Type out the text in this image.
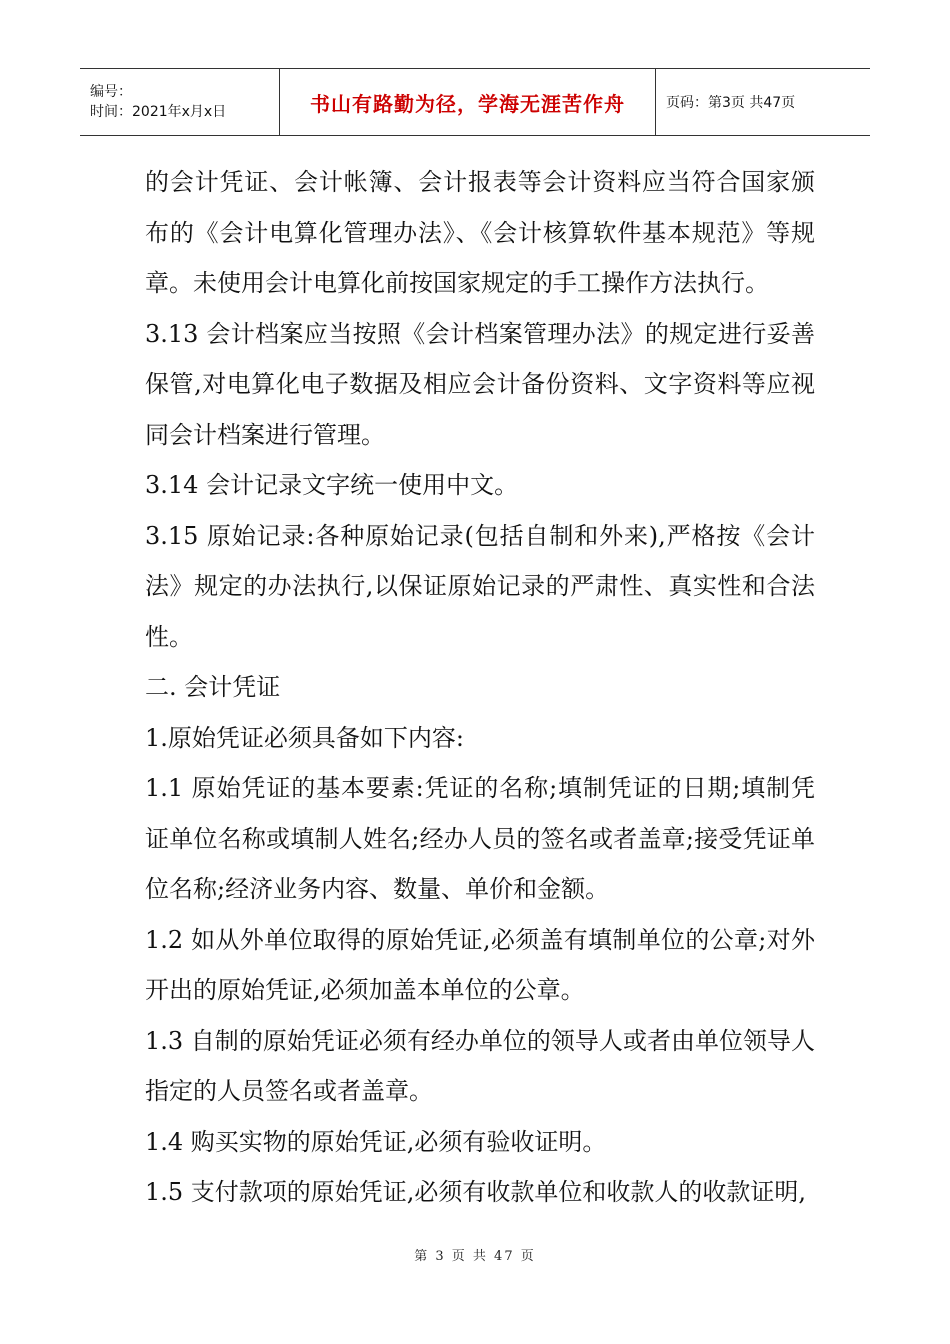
编号：
时间：2021年x月x日	书山有路勤为径，学海无涯苦作舟	页码：第3页 共47页

的会计凭证、会计帐簿、会计报表等会计资料应当符合国家颁布的《会计电算化管理办法》、《会计核算软件基本规范》等规章。未使用会计电算化前按国家规定的手工操作方法执行。

3.13 会计档案应当按照《会计档案管理办法》的规定进行妥善保管,对电算化电子数据及相应会计备份资料、文字资料等应视同会计档案进行管理。

3.14 会计记录文字统一使用中文。

3.15 原始记录:各种原始记录(包括自制和外来),严格按《会计法》规定的办法执行,以保证原始记录的严肃性、真实性和合法性。

二. 会计凭证

1.原始凭证必须具备如下内容:

1.1 原始凭证的基本要素:凭证的名称;填制凭证的日期;填制凭证单位名称或填制人姓名;经办人员的签名或者盖章;接受凭证单位名称;经济业务内容、数量、单价和金额。

1.2 如从外单位取得的原始凭证,必须盖有填制单位的公章;对外开出的原始凭证,必须加盖本单位的公章。

1.3 自制的原始凭证必须有经办单位的领导人或者由单位领导人指定的人员签名或者盖章。

1.4 购买实物的原始凭证,必须有验收证明。

1.5 支付款项的原始凭证,必须有收款单位和收款人的收款证明,

第 3 页 共 47 页
